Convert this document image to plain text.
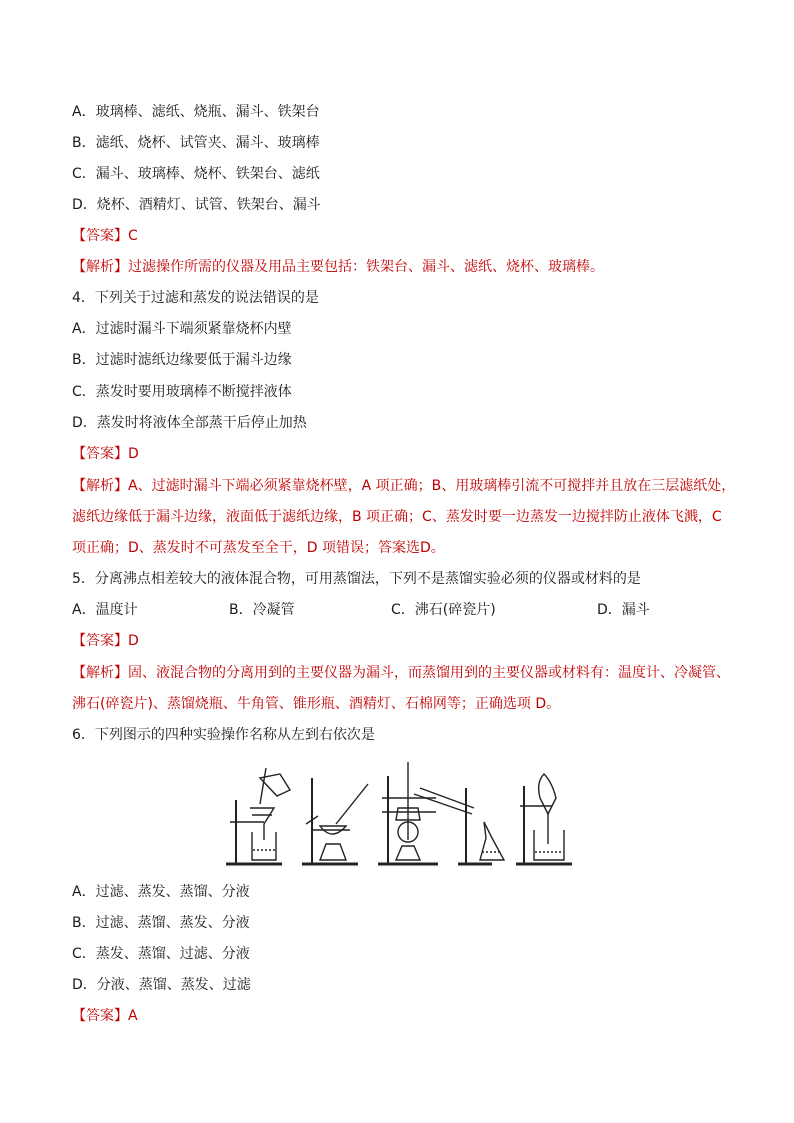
A．玻璃棒、滤纸、烧瓶、漏斗、铁架台
B．滤纸、烧杯、试管夹、漏斗、玻璃棒
C．漏斗、玻璃棒、烧杯、铁架台、滤纸
D．烧杯、酒精灯、试管、铁架台、漏斗
【答案】C
【解析】过滤操作所需的仪器及用品主要包括：铁架台、漏斗、滤纸、烧杯、玻璃棒。
4．下列关于过滤和蒸发的说法错误的是
A．过滤时漏斗下端须紧靠烧杯内壁
B．过滤时滤纸边缘要低于漏斗边缘
C．蒸发时要用玻璃棒不断搅拌液体
D．蒸发时将液体全部蒸干后停止加热
【答案】D
【解析】A、过滤时漏斗下端必须紧靠烧杯壁，A 项正确；B、用玻璃棒引流不可搅拌并且放在三层滤纸处，
滤纸边缘低于漏斗边缘，液面低于滤纸边缘，B 项正确；C、蒸发时要一边蒸发一边搅拌防止液体飞溅，C
项正确；D、蒸发时不可蒸发至全干，D 项错误；答案选D。
5．分离沸点相差较大的液体混合物，可用蒸馏法，下列不是蒸馏实验必须的仪器或材料的是
A．温度计	B．冷凝管	C．沸石(碎瓷片)	D．漏斗
【答案】D
【解析】固、液混合物的分离用到的主要仪器为漏斗，而蒸馏用到的主要仪器或材料有：温度计、冷凝管、
沸石(碎瓷片)、蒸馏烧瓶、牛角管、锥形瓶、酒精灯、石棉网等；正确选项 D。
6．下列图示的四种实验操作名称从左到右依次是
A．过滤、蒸发、蒸馏、分液
B．过滤、蒸馏、蒸发、分液
C．蒸发、蒸馏、过滤、分液
D．分液、蒸馏、蒸发、过滤
【答案】A
